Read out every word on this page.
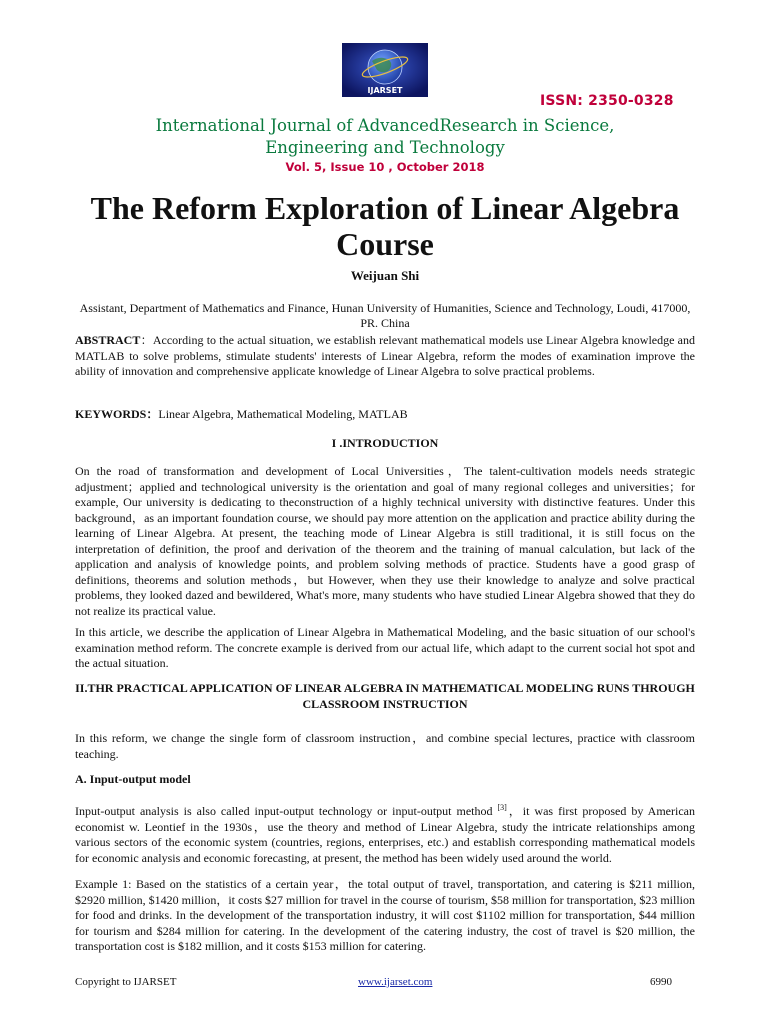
IJARSET
ISSN: 2350-0328
International Journal of AdvancedResearch in Science,
Engineering and Technology
Vol. 5, Issue 10 , October 2018
The Reform Exploration of Linear Algebra Course
Weijuan Shi
Assistant, Department of Mathematics and Finance, Hunan University of Humanities, Science and Technology, Loudi, 417000, PR. China
ABSTRACT：According to the actual situation, we establish relevant mathematical models use Linear Algebra knowledge and MATLAB to solve problems, stimulate students' interests of Linear Algebra, reform the modes of examination improve the ability of innovation and comprehensive applicate knowledge of Linear Algebra to solve practical problems.
KEYWORDS：Linear Algebra, Mathematical Modeling, MATLAB
I .INTRODUCTION
On the road of transformation and development of Local Universities，The talent-cultivation models needs strategic adjustment；applied and technological university is the orientation and goal of many regional colleges and universities；for example, Our university is dedicating to theconstruction of a highly technical university with distinctive features. Under this background，as an important foundation course, we should pay more attention on the application and practice ability during the learning of Linear Algebra. At present, the teaching mode of Linear Algebra is still traditional, it is still focus on the interpretation of definition, the proof and derivation of the theorem and the training of manual calculation, but lack of the application and analysis of knowledge points, and problem solving methods of practice. Students have a good grasp of definitions, theorems and solution methods，but However, when they use their knowledge to analyze and solve practical problems, they looked dazed and bewildered, What's more, many students who have studied Linear Algebra showed that they do not realize its practical value.
In this article, we describe the application of Linear Algebra in Mathematical Modeling, and the basic situation of our school's examination method reform. The concrete example is derived from our actual life, which adapt to the current social hot spot and the actual situation.
II.THR PRACTICAL APPLICATION OF LINEAR ALGEBRA IN MATHEMATICAL MODELING RUNS THROUGH CLASSROOM INSTRUCTION
In this reform, we change the single form of classroom instruction，and combine special lectures, practice with classroom teaching.
A. Input-output model
Input-output analysis is also called input-output technology or input-output method [3]，it was first proposed by American economist w. Leontief in the 1930s，use the theory and method of Linear Algebra, study the intricate relationships among various sectors of the economic system (countries, regions, enterprises, etc.) and establish corresponding mathematical models for economic analysis and economic forecasting, at present, the method has been widely used around the world.
Example 1: Based on the statistics of a certain year，the total output of travel, transportation, and catering is $211 million, $2920 million, $1420 million，it costs $27 million for travel in the course of tourism, $58 million for transportation, $23 million for food and drinks. In the development of the transportation industry, it will cost $1102 million for transportation, $44 million for tourism and $284 million for catering. In the development of the catering industry, the cost of travel is $20 million, the transportation cost is $182 million, and it costs $153 million for catering.
Copyright to IJARSET	www.ijarset.com	6990
